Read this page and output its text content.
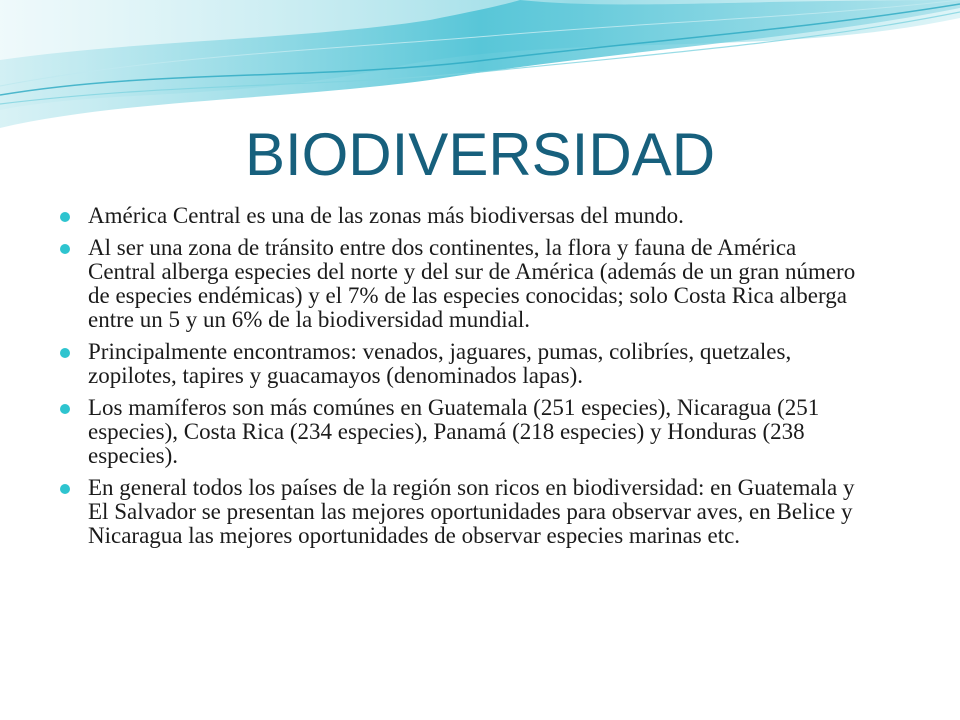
BIODIVERSIDAD
América Central es una de las zonas más biodiversas del mundo.
Al ser una zona de tránsito entre dos continentes, la flora y fauna de América Central alberga especies del norte y del sur de América (además de un gran número de especies endémicas) y el 7% de las especies conocidas; solo Costa Rica alberga entre un 5 y un 6% de la biodiversidad mundial.
Principalmente encontramos: venados, jaguares, pumas, colibríes, quetzales, zopilotes, tapires y guacamayos (denominados lapas).
Los mamíferos son más comúnes en Guatemala (251 especies), Nicaragua (251 especies), Costa Rica (234 especies), Panamá (218 especies) y Honduras (238 especies).
En general todos los países de la región son ricos en biodiversidad: en Guatemala y El Salvador se presentan las mejores oportunidades para observar aves, en Belice y Nicaragua las mejores oportunidades de observar especies marinas etc.
